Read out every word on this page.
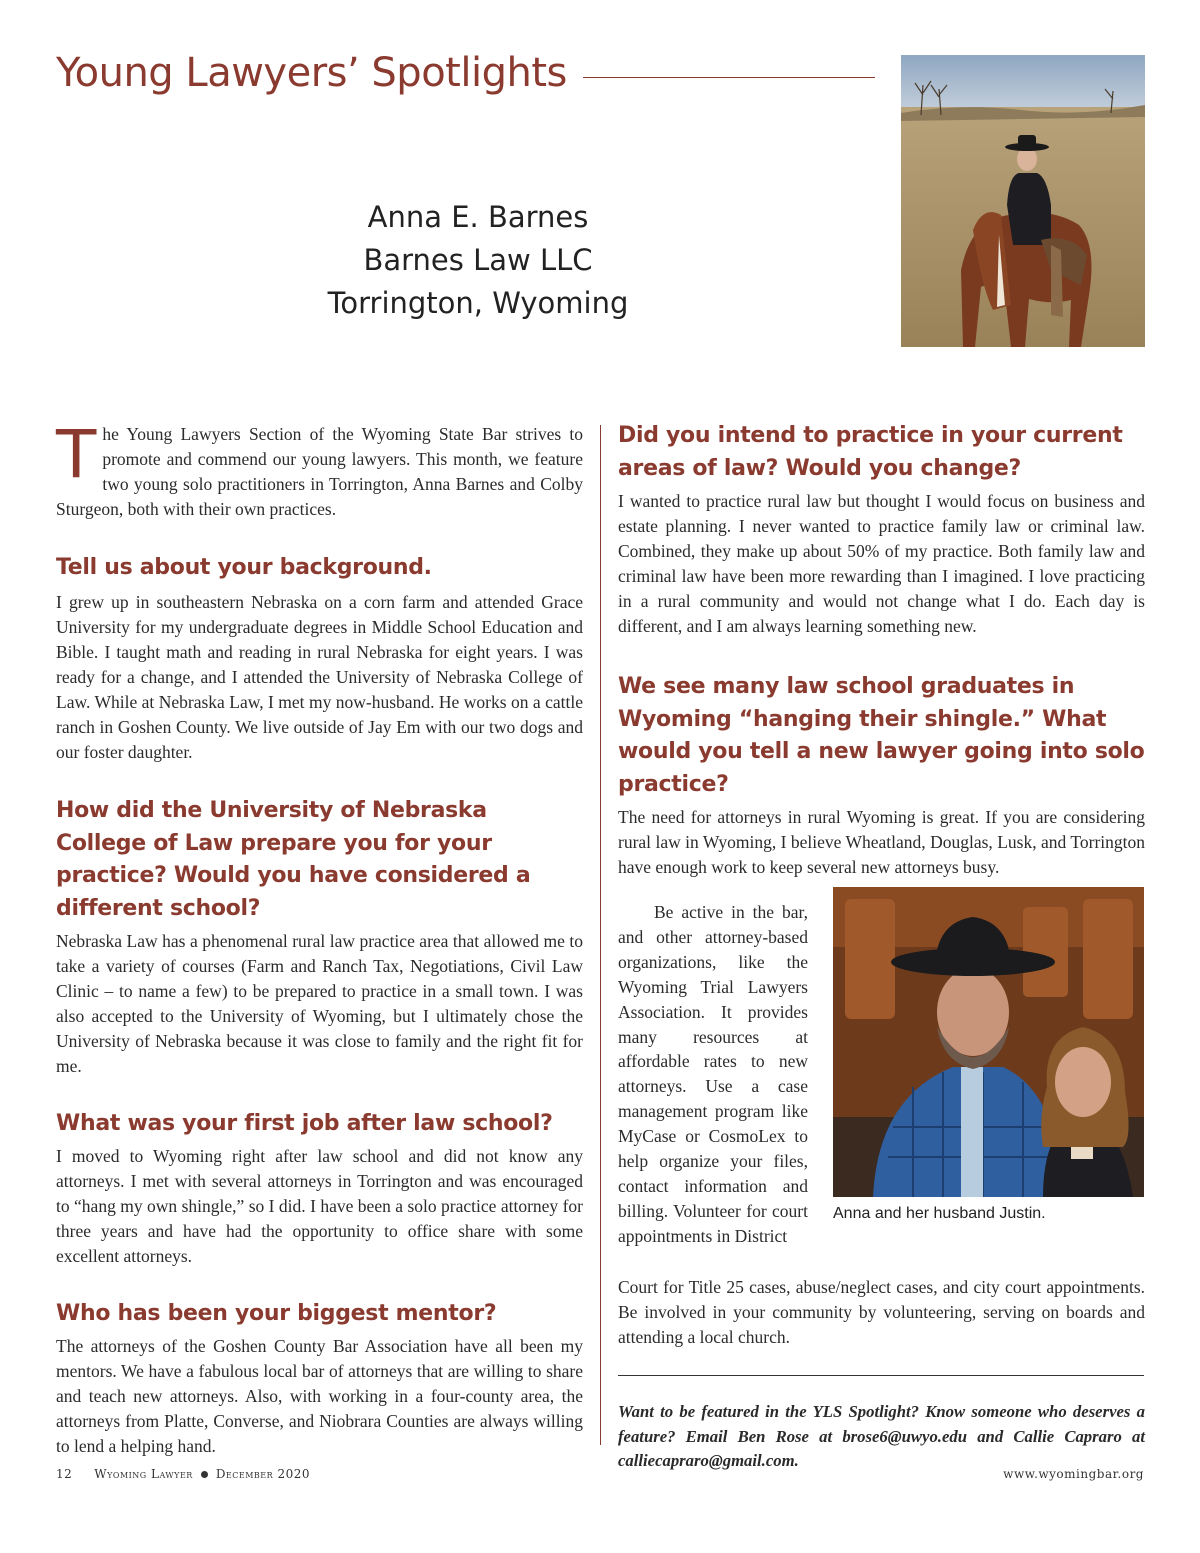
Young Lawyers’ Spotlights
Anna E. Barnes
Barnes Law LLC
Torrington, Wyoming

The Young Lawyers Section of the Wyoming State Bar strives to promote and commend our young lawyers. This month, we feature two young solo practitioners in Torrington, Anna Barnes and Colby Sturgeon, both with their own practices.

Tell us about your background.

I grew up in southeastern Nebraska on a corn farm and attended Grace University for my undergraduate degrees in Middle School Education and Bible. I taught math and reading in rural Nebraska for eight years. I was ready for a change, and I attended the University of Nebraska College of Law. While at Nebraska Law, I met my now-husband. He works on a cattle ranch in Goshen County. We live outside of Jay Em with our two dogs and our foster daughter.

How did the University of Nebraska College of Law prepare you for your practice? Would you have considered a different school?

Nebraska Law has a phenomenal rural law practice area that allowed me to take a variety of courses (Farm and Ranch Tax, Negotiations, Civil Law Clinic – to name a few) to be prepared to practice in a small town. I was also accepted to the University of Wyoming, but I ultimately chose the University of Nebraska because it was close to family and the right fit for me.

What was your first job after law school?

I moved to Wyoming right after law school and did not know any attorneys. I met with several attorneys in Torrington and was encouraged to “hang my own shingle,” so I did. I have been a solo practice attorney for three years and have had the opportunity to office share with some excellent attorneys.

Who has been your biggest mentor?

The attorneys of the Goshen County Bar Association have all been my mentors. We have a fabulous local bar of attorneys that are willing to share and teach new attorneys. Also, with working in a four-county area, the attorneys from Platte, Converse, and Niobrara Counties are always willing to lend a helping hand.

Did you intend to practice in your current areas of law? Would you change?

I wanted to practice rural law but thought I would focus on business and estate planning. I never wanted to practice family law or criminal law. Combined, they make up about 50% of my practice. Both family law and criminal law have been more rewarding than I imagined. I love practicing in a rural community and would not change what I do. Each day is different, and I am always learning something new.

We see many law school graduates in Wyoming “hanging their shingle.” What would you tell a new lawyer going into solo practice?

The need for attorneys in rural Wyoming is great. If you are considering rural law in Wyoming, I believe Wheatland, Douglas, Lusk, and Torrington have enough work to keep several new attorneys busy.

Be active in the bar, and other attorney-based organizations, like the Wyoming Trial Lawyers Association. It provides many resources at affordable rates to new attorneys. Use a case management program like MyCase or CosmoLex to help organize your files, contact information and billing. Volunteer for court appointments in District

Anna and her husband Justin.

Court for Title 25 cases, abuse/neglect cases, and city court appointments. Be involved in your community by volunteering, serving on boards and attending a local church.

Want to be featured in the YLS Spotlight? Know someone who deserves a feature? Email Ben Rose at brose6@uwyo.edu and Callie Capraro at calliecapraro@gmail.com.

12 Wyoming Lawyer December 2020	www.wyomingbar.org
